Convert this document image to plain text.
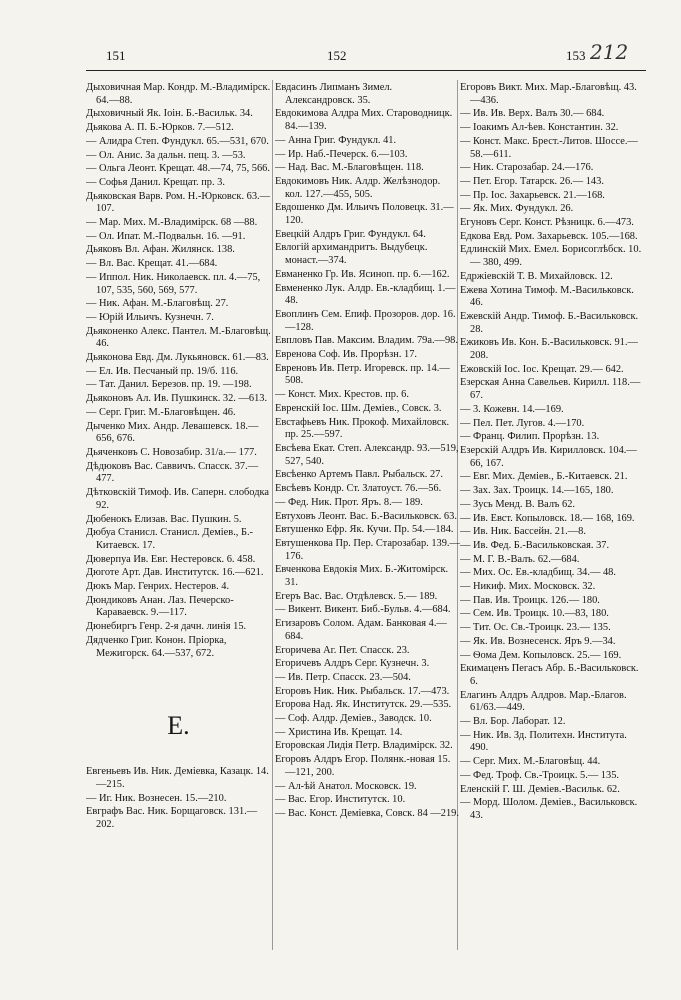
151	152	153 212
Дыховичная Мар. Кондр. М.-Владимірск. 64.—88.
Дыховичный Як. Іоін. Б.-Васильк. 34.
Дьякова А. П. Б.-Юрков. 7.—512.
— Алидра Степ. Фундукл. 65.—531, 670.
— Ол. Анис. За дальн. пещ. 3. —53.
— Ольга Леонт. Крещат. 48.—74, 75, 566.
— Софья Данил. Крещат. пр. 3.
Дьяковская Варв. Ром. Н.-Юрковск. 63.—107.
— Мар. Мих. М.-Владимірск. 68 —88.
— Ол. Ипат. М.-Подвальн. 16. —91.
Дьяковъ Вл. Афан. Жилянск. 138.
— Вл. Вас. Крещат. 41.—684.
— Иппол. Ник. Николаевск. пл. 4.—75, 107, 535, 560, 569, 577.
— Ник. Афан. М.-Благовѣщ. 27.
— Юрій Ильичъ. Кузнечн. 7.
Дьяконенко Алекс. Пантел. М.-Благовѣщ. 46.
Дьяконова Евд. Дм. Лукьяновск. 61.—83.
— Ел. Ив. Песчаный пр. 19/б. 116.
— Тат. Данил. Березов. пр. 19. —198.
Дьяконовъ Ал. Ив. Пушкинск. 32. —613.
— Серг. Григ. М.-Благовѣщен. 46.
Дыченко Мих. Андр. Левашевск. 18.—656, 676.
Дьяченковъ С. Новозабир. 31/а.— 177.
Дѣдюковъ Вас. Саввичъ. Спасск. 37.—477.
Дѣтковскій Тимоф. Ив. Саперн. слободка 92.
Дюбенокъ Елизав. Вас. Пушкин. 5.
Дюбуа Станисл. Станисл. Деміев., Б.-Китаевск. 17.
Дюверпуа Ив. Евг. Нестеровск. 6. 458.
Дюготе Арт. Дав. Институтск. 16.—621.
Дюкъ Мар. Генрих. Нестеров. 4.
Дюндиковъ Анан. Лаз. Печерско-Караваевск. 9.—117.
Дюнебиргъ Генр. 2-я дачн. линія 15.
Дядченко Григ. Конон. Пріорка, Межигорск. 64.—537, 672.
Е.
Евгеньевъ Ив. Ник. Деміевка, Казацк. 14.—215.
— Иг. Ник. Вознесен. 15.—210.
Евграфъ Вас. Ник. Борщаговск. 131.—202.
Евдасинъ Липманъ Зимел. Александровск. 35.
Евдокимова Алдра Мих. Староводницк. 84.—139.
— Анна Григ. Фундукл. 41.
— Ир. Наб.-Печерск. 6.—103.
— Над. Вас. М.-Благовѣщен. 118.
Евдокимовъ Ник. Алдр. Желѣзнодор. кол. 127.—455, 505.
Евдошенко Дм. Ильичъ Половецк. 31.—120.
Евецкій Алдръ Григ. Фундукл. 64.
Евлогій архимандритъ. Выдубецк. монаст.—374.
Евманенко Гр. Ив. Ясиноп. пр. 6.—162.
Евмененко Лук. Алдр. Ев.-кладбищ. 1.—48.
Евоплинъ Сем. Епиф. Прозоров. дор. 16.—128.
Евпловъ Пав. Максим. Владим. 79а.—98.
Евренова Соф. Ив. Прорѣзн. 17.
Евреновъ Ив. Петр. Игоревск. пр. 14.—508.
— Конст. Мих. Крестов. пр. 6.
Евренскій Іос. Шм. Деміев., Совск. 3.
Евстафьевъ Ник. Прокоф. Михайловск. пр. 25.—597.
Евсѣева Екат. Степ. Александр. 93.—519, 527, 540.
Евсѣенко Артемъ Павл. Рыбальск. 27.
Евсѣевъ Кондр. Ст. Златоуст. 76.—56.
— Фед. Ник. Прот. Яръ. 8.— 189.
Евтуховъ Леонт. Вас. Б.-Васильковск. 63.
Евтушенко Ефр. Як. Кучи. Пр. 54.—184.
Евтушенкова Пр. Пер. Старозабар. 139.—176.
Евченкова Евдокія Мих. Б.-Житомірск. 31.
Егеръ Вас. Вас. Отдѣлевск. 5.— 189.
— Викент. Викент. Биб.-Бульв. 4.—684.
Егизаровъ Солом. Адам. Банковая 4.—684.
Егоричева Аг. Пет. Спасск. 23.
Егоричевъ Алдръ Серг. Кузнечн. 3.
— Ив. Петр. Спасск. 23.—504.
Егоровъ Ник. Ник. Рыбальск. 17.—473.
Егорова Над. Як. Институтск. 29.—535.
— Соф. Алдр. Деміев., Заводск. 10.
— Христина Ив. Крещат. 14.
Егоровская Лидія Петр. Владимірск. 32.
Егоровъ Алдръ Егор. Полянк.-новая 15.—121, 200.
— Ал-ѣй Анатол. Московск. 19.
— Вас. Егор. Институтск. 10.
— Вас. Конст. Деміевка, Совск. 84 —219.
Егоровъ Викт. Мих. Мар.-Благовѣщ. 43.—436.
— Ив. Ив. Верх. Валъ 30.— 684.
— Іоакимъ Ал-ѣев. Константин. 32.
— Конст. Макс. Брест.-Литов. Шоссе.—58.—611.
— Ник. Старозабар. 24.—176.
— Пет. Егор. Татарск. 26.— 143.
— Пр. Іос. Захарьевск. 21.—168.
— Як. Мих. Фундукл. 26.
Егуновъ Серг. Конст. Рѣзницк. 6.—473.
Едкова Евд. Ром. Захарьевск. 105.—168.
Едлинскій Мих. Емел. Борисоглѣбск. 10.— 380, 499.
Едржіевскій Т. В. Михайловск. 12.
Ежева Хотина Тимоф. М.-Васильковск. 46.
Ежевскій Андр. Тимоф. Б.-Васильковск. 28.
Ежиковъ Ив. Кон. Б.-Васильковск. 91.—208.
Ежовскій Іос. Іос. Крещат. 29.— 642.
Езерская Анна Савельев. Кирилл. 118.—67.
— 3. Кожевн. 14.—169.
— Пел. Пет. Лугов. 4.—170.
— Франц. Филип. Прорѣзн. 13.
Езерскій Алдръ Ив. Кирилловск. 104.—66, 167.
— Евг. Мих. Деміев., Б.-Китаевск. 21.
— Зах. Зах. Троицк. 14.—165, 180.
— Зусь Менд. В. Валъ 62.
— Ив. Евст. Копыловск. 18.— 168, 169.
— Ив. Ник. Бассейн. 21.—8.
— Ив. Фед. Б.-Васильковская. 37.
— М. Г. В.-Валъ. 62.—684.
— Мих. Ос. Ев.-кладбищ. 34.— 48.
— Никиф. Мих. Московск. 32.
— Пав. Ив. Троицк. 126.— 180.
— Сем. Ив. Троицк. 10.—83, 180.
— Тит. Ос. Св.-Троицк. 23.— 135.
— Як. Ив. Вознесенск. Яръ 9.—34.
— Ѳома Дем. Копыловск. 25.— 169.
Екимаценъ Пегасъ Абр. Б.-Васильковск. 6.
Елагинъ Алдръ Алдров. Мар.-Благов. 61/63.—449.
— Вл. Бор. Лаборат. 12.
— Ник. Ив. Зд. Политехн. Института. 490.
— Серг. Мих. М.-Благовѣщ. 44.
— Фед. Троф. Св.-Троицк. 5.— 135.
Еленскій Г. Ш. Деміев.-Васильк. 62.
— Морд. Шолом. Деміев., Васильковск. 43.
